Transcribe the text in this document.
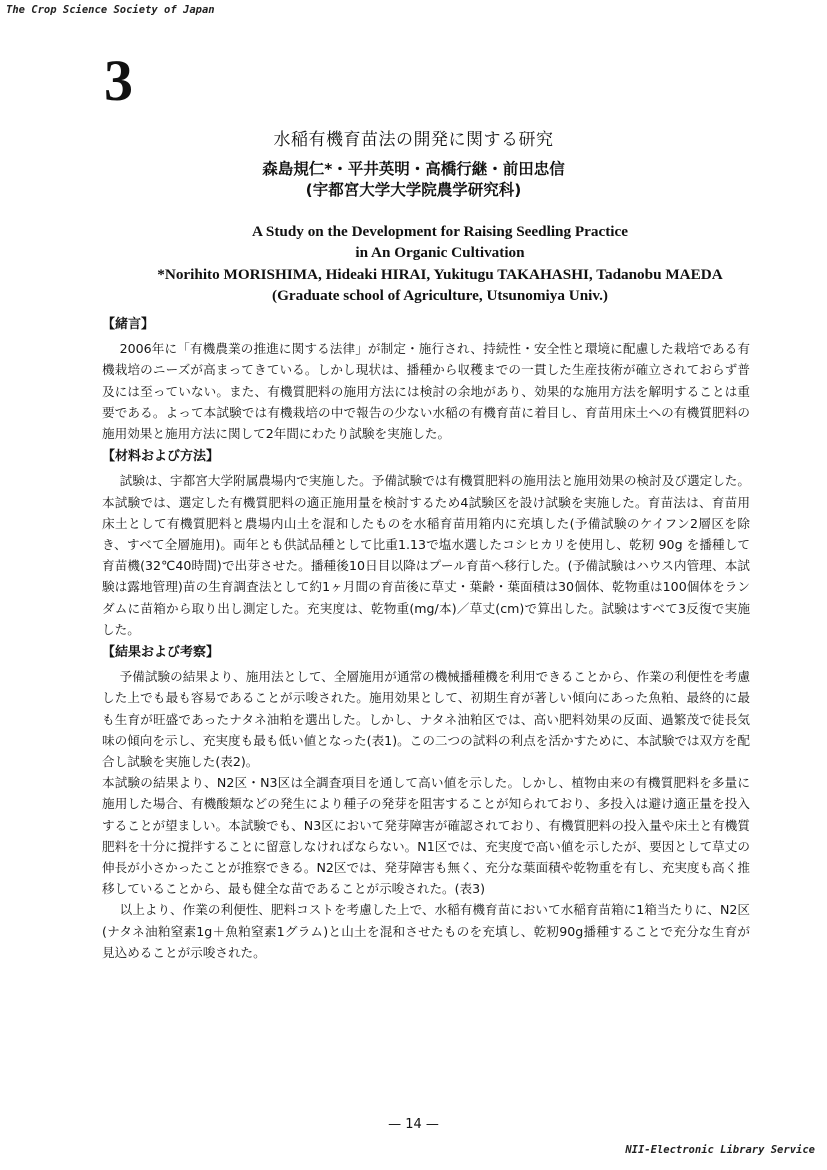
The Crop Science Society of Japan
3
水稲有機育苗法の開発に関する研究
森島規仁*・平井英明・高橋行継・前田忠信
(宇都宮大学大学院農学研究科)
A Study on the Development for Raising Seedling Practice
in An Organic Cultivation
*Norihito MORISHIMA, Hideaki HIRAI, Yukitugu TAKAHASHI, Tadanobu MAEDA
(Graduate school of Agriculture, Utsunomiya Univ.)
【緒言】

2006年に「有機農業の推進に関する法律」が制定・施行され、持続性・安全性と環境に配慮した栽培である有機栽培のニーズが高まってきている。しかし現状は、播種から収穫までの一貫した生産技術が確立されておらず普及には至っていない。また、有機質肥料の施用方法には検討の余地があり、効果的な施用方法を解明することは重要である。よって本試験では有機栽培の中で報告の少ない水稲の有機育苗に着目し、育苗用床土への有機質肥料の施用効果と施用方法に関して2年間にわたり試験を実施した。

【材料および方法】

試験は、宇都宮大学附属農場内で実施した。予備試験では有機質肥料の施用法と施用効果の検討及び選定した。本試験では、選定した有機質肥料の適正施用量を検討するため4試験区を設け試験を実施した。育苗法は、育苗用床土として有機質肥料と農場内山土を混和したものを水稲育苗用箱内に充填した(予備試験のケイフン2層区を除き、すべて全層施用)。両年とも供試品種として比重1.13で塩水選したコシヒカリを使用し、乾籾 90g を播種して育苗機(32℃40時間)で出芽させた。播種後10日目以降はプール育苗へ移行した。(予備試験はハウス内管理、本試験は露地管理)苗の生育調査法として約1ヶ月間の育苗後に草丈・葉齢・葉面積は30個体、乾物重は100個体をランダムに苗箱から取り出し測定した。充実度は、乾物重(mg/本)／草丈(cm)で算出した。試験はすべて3反復で実施した。

【結果および考察】

予備試験の結果より、施用法として、全層施用が通常の機械播種機を利用できることから、作業の利便性を考慮した上でも最も容易であることが示唆された。施用効果として、初期生育が著しい傾向にあった魚粕、最終的に最も生育が旺盛であったナタネ油粕を選出した。しかし、ナタネ油粕区では、高い肥料効果の反面、過繁茂で徒長気味の傾向を示し、充実度も最も低い値となった(表1)。この二つの試料の利点を活かすために、本試験では双方を配合し試験を実施した(表2)。

本試験の結果より、N2区・N3区は全調査項目を通して高い値を示した。しかし、植物由来の有機質肥料を多量に施用した場合、有機酸類などの発生により種子の発芽を阻害することが知られており、多投入は避け適正量を投入することが望ましい。本試験でも、N3区において発芽障害が確認されており、有機質肥料の投入量や床土と有機質肥料を十分に撹拌することに留意しなければならない。N1区では、充実度で高い値を示したが、要因として草丈の伸長が小さかったことが推察できる。N2区では、発芽障害も無く、充分な葉面積や乾物重を有し、充実度も高く推移していることから、最も健全な苗であることが示唆された。(表3)

以上より、作業の利便性、肥料コストを考慮した上で、水稲有機育苗において水稲育苗箱に1箱当たりに、N2区(ナタネ油粕窒素1g＋魚粕窒素1グラム)と山土を混和させたものを充填し、乾籾90g播種することで充分な生育が見込めることが示唆された。

— 14 —
NII-Electronic Library Service
